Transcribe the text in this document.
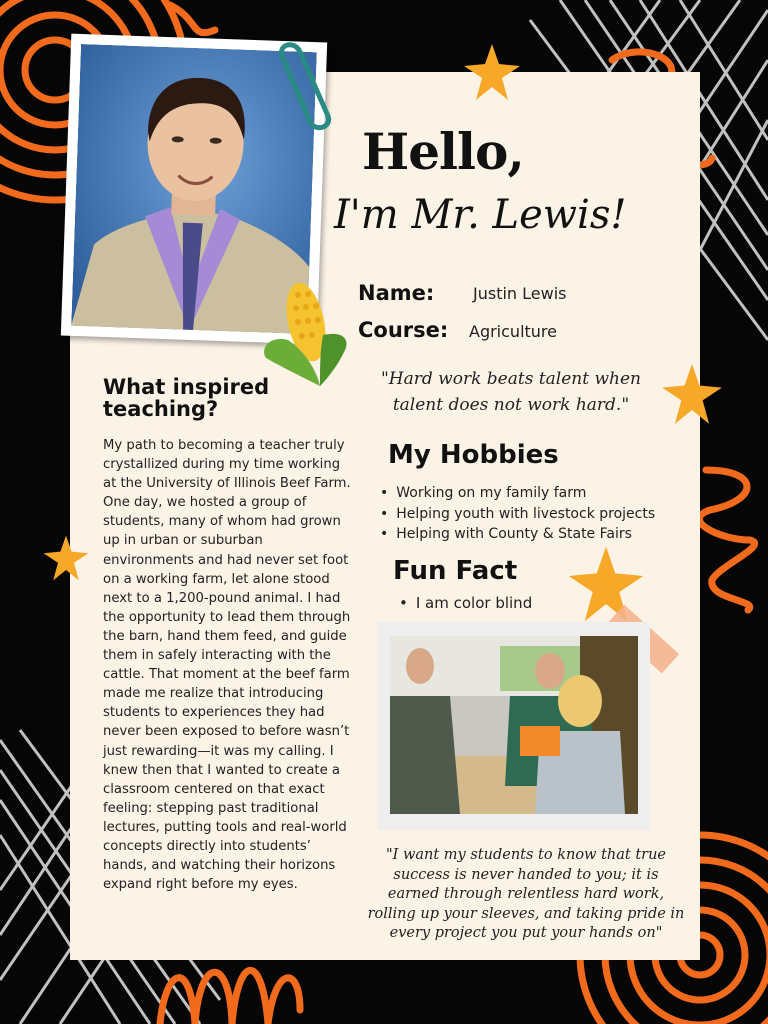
Hello,
I'm Mr. Lewis!
Name: Justin Lewis
Course: Agriculture
"Hard work beats talent when talent does not work hard."
What inspired teaching?

My path to becoming a teacher truly crystallized during my time working at the University of Illinois Beef Farm. One day, we hosted a group of students, many of whom had grown up in urban or suburban environments and had never set foot on a working farm, let alone stood next to a 1,200-pound animal. I had the opportunity to lead them through the barn, hand them feed, and guide them in safely interacting with the cattle. That moment at the beef farm made me realize that introducing students to experiences they had never been exposed to before wasn’t just rewarding—it was my calling. I knew then that I wanted to create a classroom centered on that exact feeling: stepping past traditional lectures, putting tools and real-world concepts directly into students’ hands, and watching their horizons expand right before my eyes.

My Hobbies
• Working on my family farm
• Helping youth with livestock projects
• Helping with County & State Fairs
Fun Fact
• I am color blind
"I want my students to know that true success is never handed to you; it is earned through relentless hard work, rolling up your sleeves, and taking pride in every project you put your hands on"
